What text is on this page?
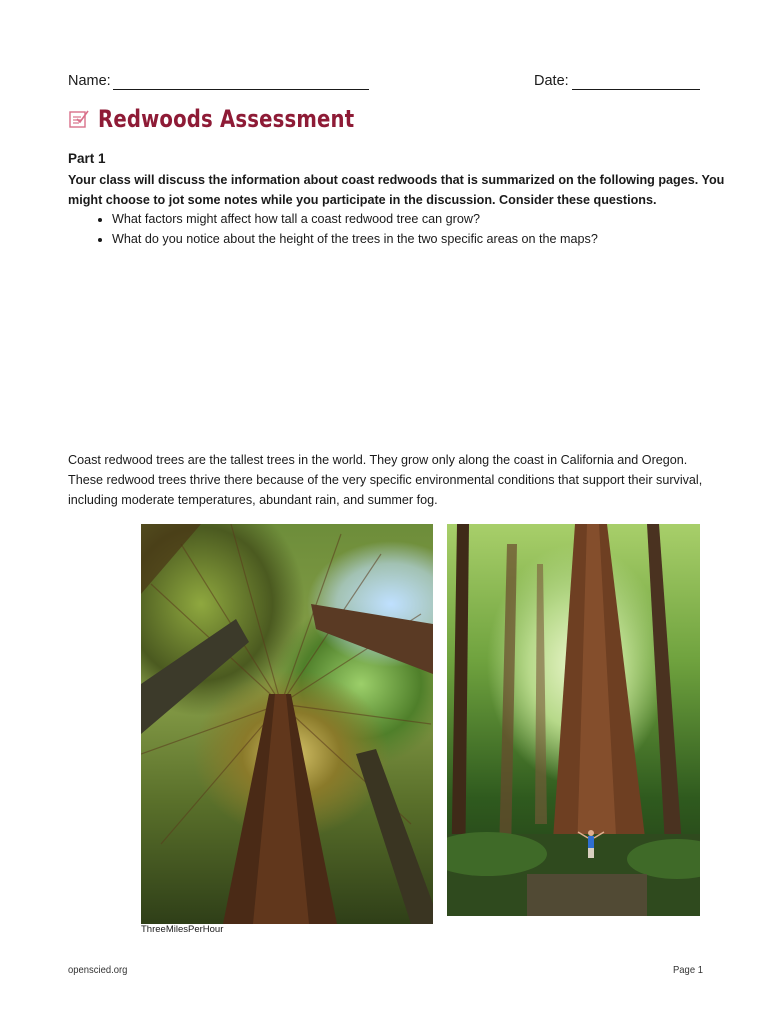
Name:	Date:
Redwoods Assessment
Part 1
Your class will discuss the information about coast redwoods that is summarized on the following pages. You might choose to jot some notes while you participate in the discussion. Consider these questions.
• What factors might affect how tall a coast redwood tree can grow?
• What do you notice about the height of the trees in the two specific areas on the maps?
Coast redwood trees are the tallest trees in the world. They grow only along the coast in California and Oregon. These redwood trees thrive there because of the very specific environmental conditions that support their survival, including moderate temperatures, abundant rain, and summer fog.
ThreeMilesPerHour
openscied.org	Page 1
